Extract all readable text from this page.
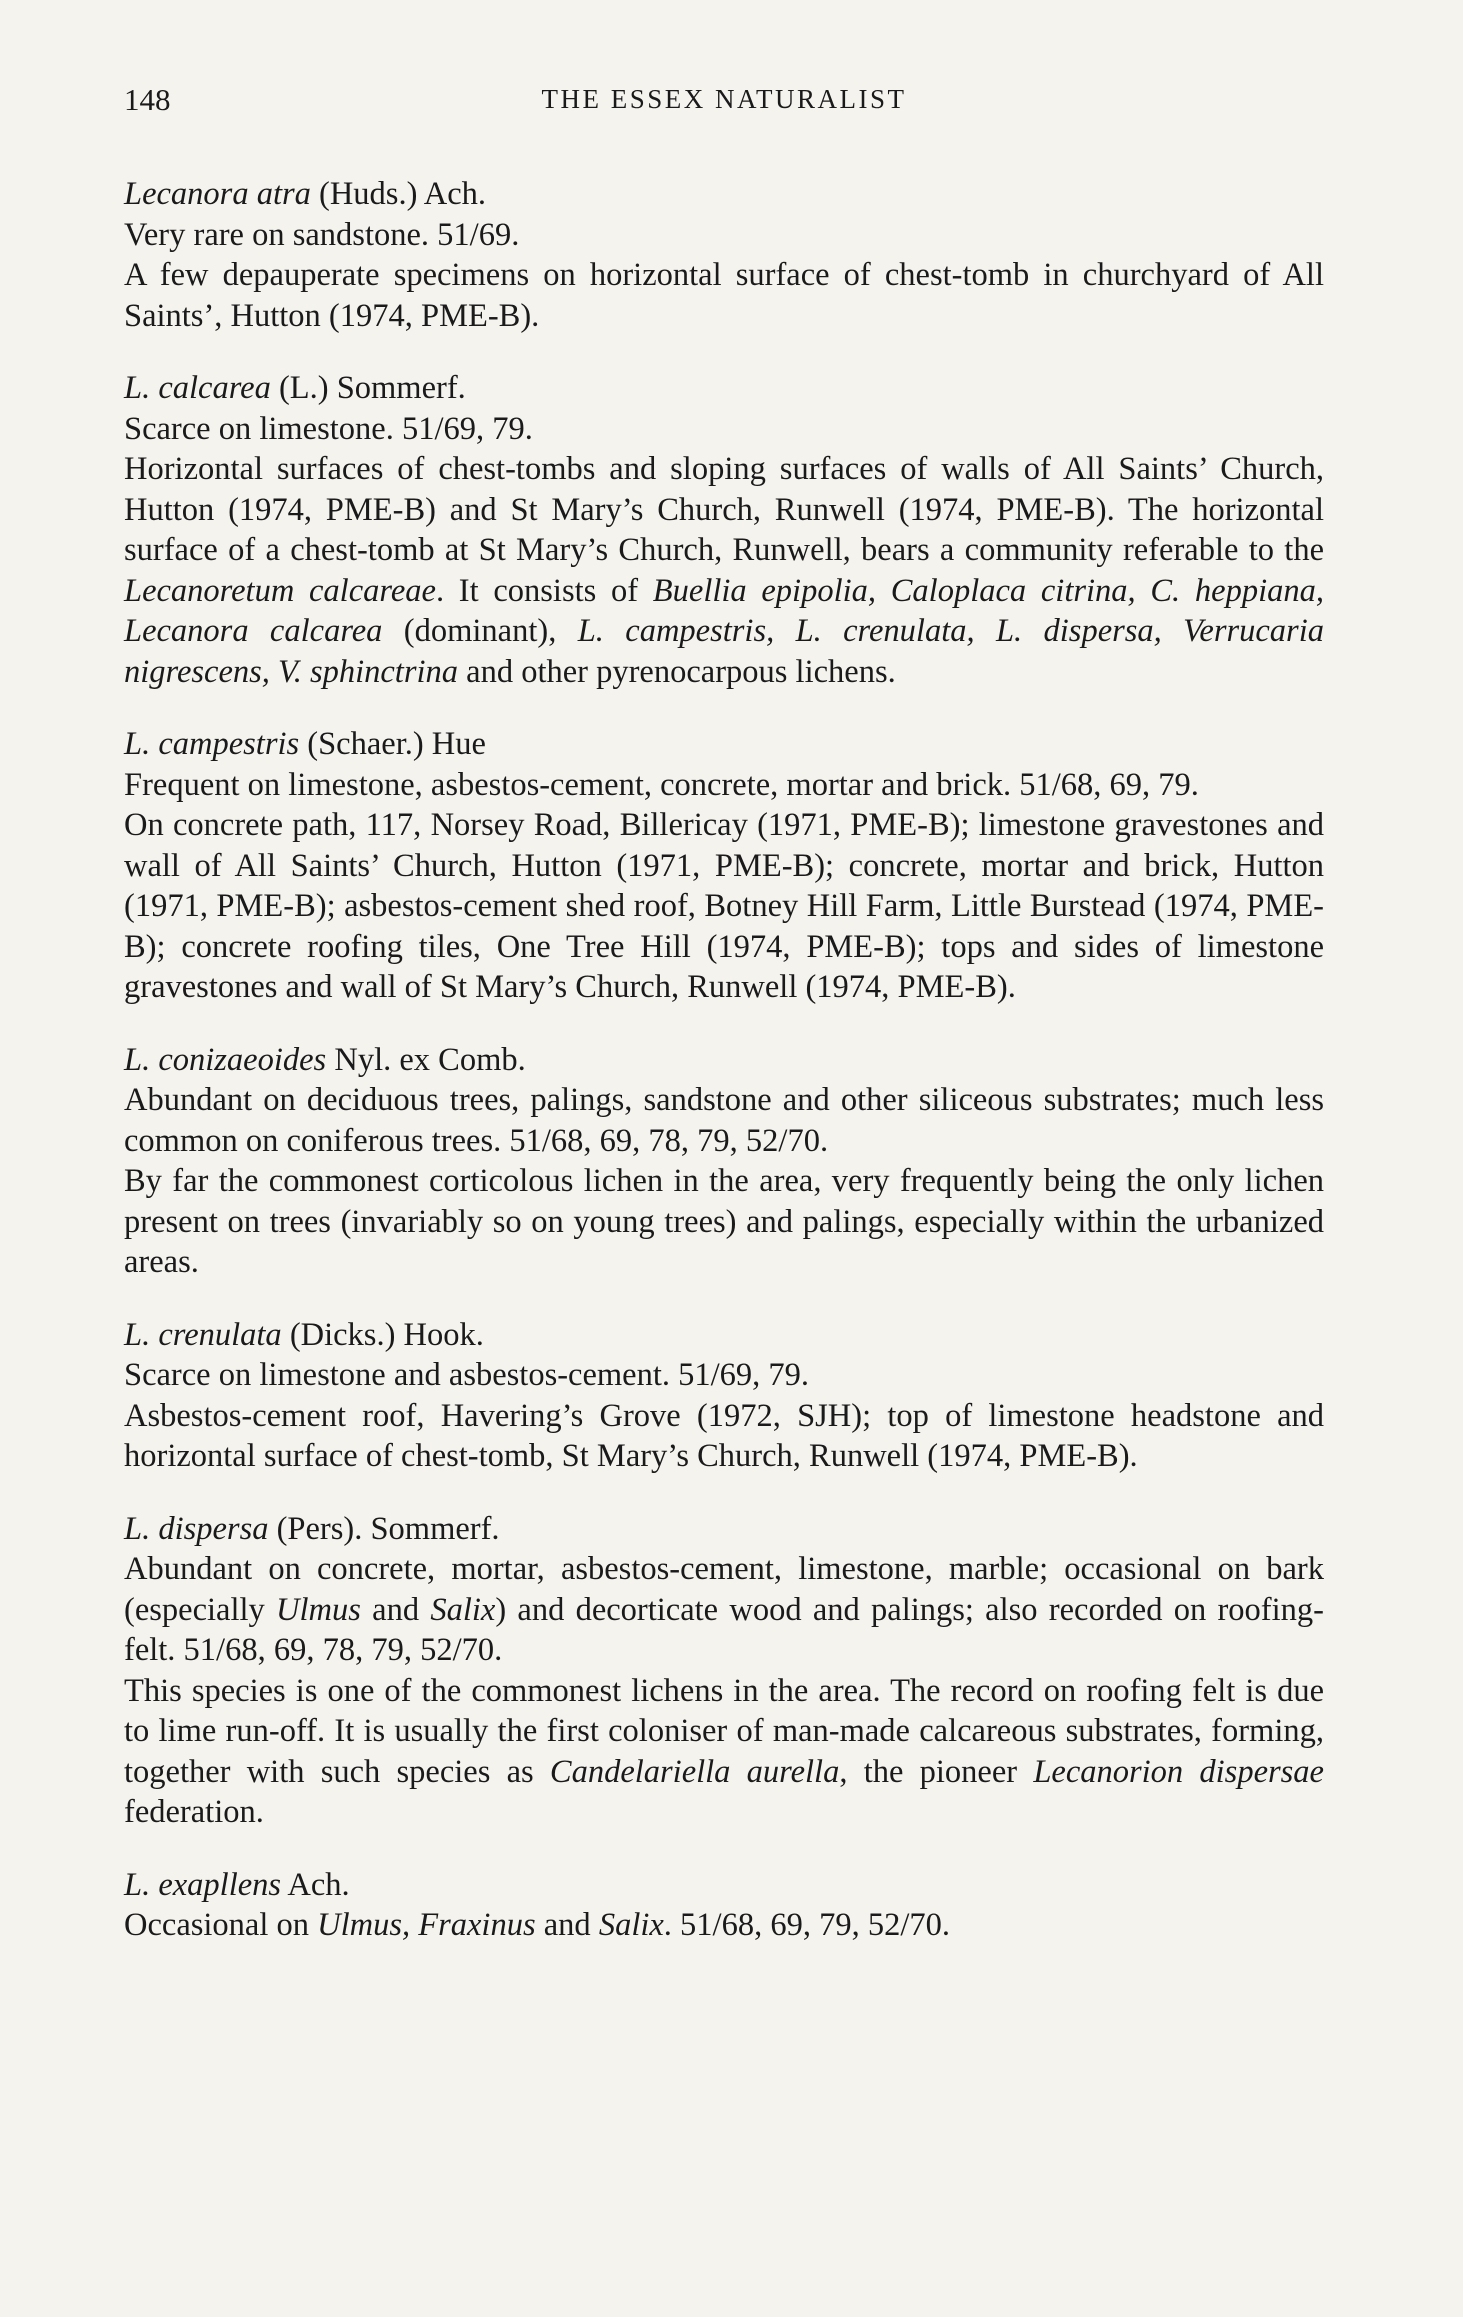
148	THE ESSEX NATURALIST

Lecanora atra (Huds.) Ach.

Very rare on sandstone. 51/69.

A few depauperate specimens on horizontal surface of chest-tomb in churchyard of All Saints’, Hutton (1974, PME-B).

L. calcarea (L.) Sommerf.

Scarce on limestone. 51/69, 79.

Horizontal surfaces of chest-tombs and sloping surfaces of walls of All Saints’ Church, Hutton (1974, PME-B) and St Mary’s Church, Runwell (1974, PME-B). The horizontal surface of a chest-tomb at St Mary’s Church, Runwell, bears a community referable to the Lecanoretum calcareae. It consists of Buellia epipolia, Caloplaca citrina, C. heppiana, Lecanora calcarea (dominant), L. campestris, L. crenulata, L. dispersa, Verrucaria nigrescens, V. sphinctrina and other pyrenocarpous lichens.

L. campestris (Schaer.) Hue

Frequent on limestone, asbestos-cement, concrete, mortar and brick. 51/68, 69, 79.

On concrete path, 117, Norsey Road, Billericay (1971, PME-B); limestone gravestones and wall of All Saints’ Church, Hutton (1971, PME-B); concrete, mortar and brick, Hutton (1971, PME-B); asbestos-cement shed roof, Botney Hill Farm, Little Burstead (1974, PME-B); concrete roofing tiles, One Tree Hill (1974, PME-B); tops and sides of limestone gravestones and wall of St Mary’s Church, Runwell (1974, PME-B).

L. conizaeoides Nyl. ex Comb.

Abundant on deciduous trees, palings, sandstone and other siliceous substrates; much less common on coniferous trees. 51/68, 69, 78, 79, 52/70.

By far the commonest corticolous lichen in the area, very frequently being the only lichen present on trees (invariably so on young trees) and palings, especially within the urbanized areas.

L. crenulata (Dicks.) Hook.

Scarce on limestone and asbestos-cement. 51/69, 79.

Asbestos-cement roof, Havering’s Grove (1972, SJH); top of limestone headstone and horizontal surface of chest-tomb, St Mary’s Church, Runwell (1974, PME-B).

L. dispersa (Pers). Sommerf.

Abundant on concrete, mortar, asbestos-cement, limestone, marble; occasional on bark (especially Ulmus and Salix) and decorticate wood and palings; also recorded on roofing-felt. 51/68, 69, 78, 79, 52/70.

This species is one of the commonest lichens in the area. The record on roofing felt is due to lime run-off. It is usually the first coloniser of man-made calcareous substrates, forming, together with such species as Candelariella aurella, the pioneer Lecanorion dispersae federation.

L. exapllens Ach.

Occasional on Ulmus, Fraxinus and Salix. 51/68, 69, 79, 52/70.
